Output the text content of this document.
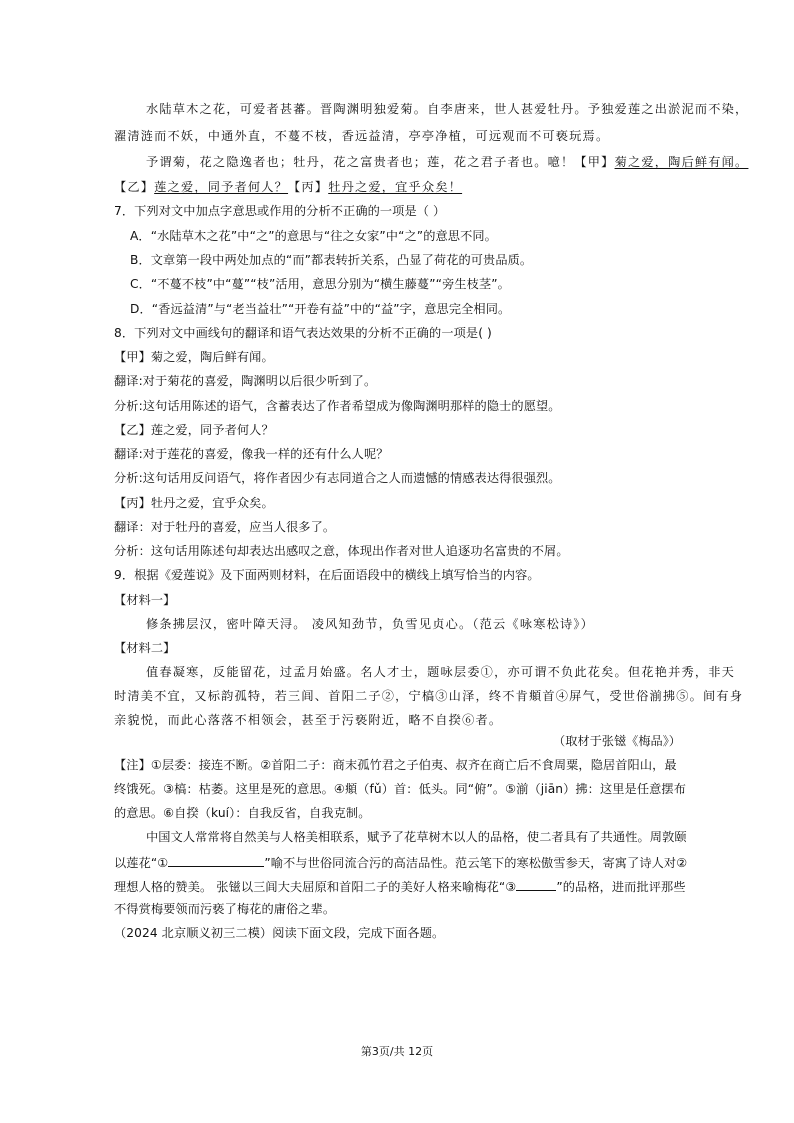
水陆草木之花，可爱者甚蕃。晋陶渊明独爱菊。自李唐来，世人甚爱牡丹。予独爱莲之出淤泥而不染，
濯清涟而不妖，中通外直，不蔓不枝，香远益清，亭亭净植，可远观而不可亵玩焉。
予谓菊，花之隐逸者也；牡丹，花之富贵者也；莲，花之君子者也。噫！【甲】菊之爱，陶后鲜有闻。
【乙】莲之爱，同予者何人？【丙】牡丹之爱，宜乎众矣！
7．下列对文中加点字意思或作用的分析不正确的一项是（ ）
A．“水陆草木之花”中“之”的意思与“往之女家”中“之”的意思不同。
B．文章第一段中两处加点的“而”都表转折关系，凸显了荷花的可贵品质。
C．“不蔓不枝”中“蔓”“枝”活用，意思分别为“横生藤蔓”“旁生枝茎”。
D．“香远益清”与“老当益壮”“开卷有益”中的“益”字，意思完全相同。
8．下列对文中画线句的翻译和语气表达效果的分析不正确的一项是( )
【甲】菊之爱，陶后鲜有闻。
翻译:对于菊花的喜爱，陶渊明以后很少听到了。
分析:这句话用陈述的语气，含蓄表达了作者希望成为像陶渊明那样的隐士的愿望。
【乙】莲之爱，同予者何人？
翻译:对于莲花的喜爱，像我一样的还有什么人呢？
分析:这句话用反问语气，将作者因少有志同道合之人而遗憾的情感表达得很强烈。
【丙】牡丹之爱，宜乎众矣。
翻译：对于牡丹的喜爱，应当人很多了。
分析：这句话用陈述句却表达出感叹之意，体现出作者对世人追逐功名富贵的不屑。
9．根据《爱莲说》及下面两则材料，在后面语段中的横线上填写恰当的内容。
【材料一】
修条拂层汉，密叶障天浔。 凌风知劲节，负雪见贞心。（范云《咏寒松诗》）
【材料二】
值春凝寒，反能留花，过孟月始盛。名人才士，题咏层委①，亦可谓不负此花矣。但花艳并秀，非天
时清美不宜，又标韵孤特，若三闾、首阳二子②，宁槁③山泽，终不肯頫首④屏气，受世俗湔拂⑤。间有身
亲貌悦，而此心落落不相领会，甚至于污亵附近，略不自揆⑥者。
（取材于张镃《梅品》）
【注】①层委：接连不断。②首阳二子：商末孤竹君之子伯夷、叔齐在商亡后不食周粟，隐居首阳山，最
终饿死。③槁：枯萎。这里是死的意思。④頫（fǔ）首：低头。同“俯”。⑤湔（jiān）拂：这里是任意摆布
的意思。⑥自揆（kuí）：自我反省，自我克制。
中国文人常常将自然美与人格美相联系，赋予了花草树木以人的品格，使二者具有了共通性。周敦颐
以莲花“①	”喻不与世俗同流合污的高洁品性。范云笔下的寒松傲雪参天，寄寓了诗人对②
理想人格的赞美。 张镃以三闾大夫屈原和首阳二子的美好人格来喻梅花“③	”的品格，进而批评那些
不得赏梅要领而污亵了梅花的庸俗之辈。
（2024 北京顺义初三二模）阅读下面文段，完成下面各题。
第3页/共 12页
